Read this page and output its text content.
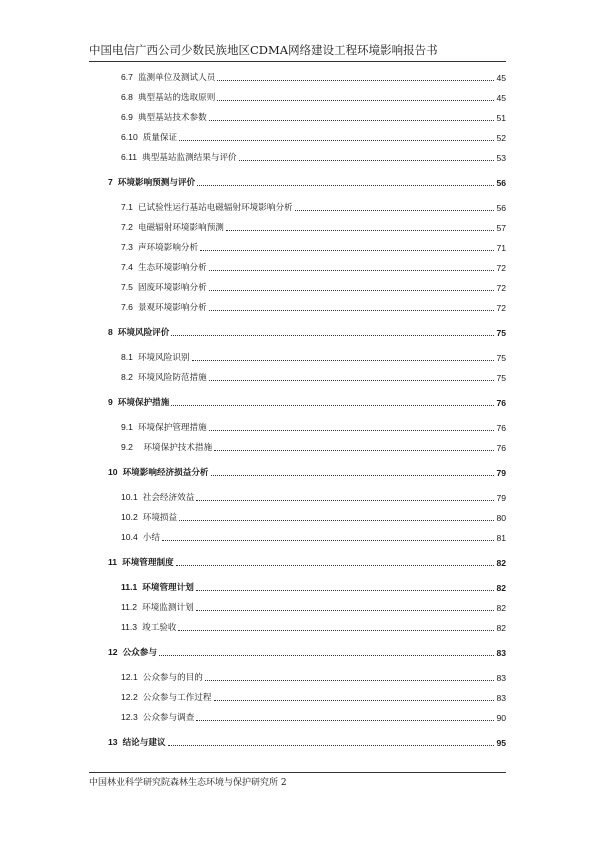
中国电信广西公司少数民族地区CDMA网络建设工程环境影响报告书
6.7 监测单位及测试人员	45
6.8 典型基站的选取原则	45
6.9 典型基站技术参数	51
6.10 质量保证	52
6.11 典型基站监测结果与评价	53
7 环境影响预测与评价	56
7.1 已试验性运行基站电磁辐射环境影响分析	56
7.2 电磁辐射环境影响预测	57
7.3 声环境影响分析	71
7.4 生态环境影响分析	72
7.5 固废环境影响分析	72
7.6 景观环境影响分析	72
8 环境风险评价	75
8.1 环境风险识别	75
8.2 环境风险防范措施	75
9 环境保护措施	76
9.1 环境保护管理措施	76
9.2  环境保护技术措施	76
10 环境影响经济损益分析	79
10.1 社会经济效益	79
10.2 环境损益	80
10.4 小结	81
11 环境管理制度	82
11.1 环境管理计划	82
11.2 环境监测计划	82
11.3 竣工验收	82
12 公众参与	83
12.1 公众参与的目的	83
12.2 公众参与工作过程	83
12.3 公众参与调查	90
13 结论与建议	95
中国林业科学研究院森林生态环境与保护研究所 2
